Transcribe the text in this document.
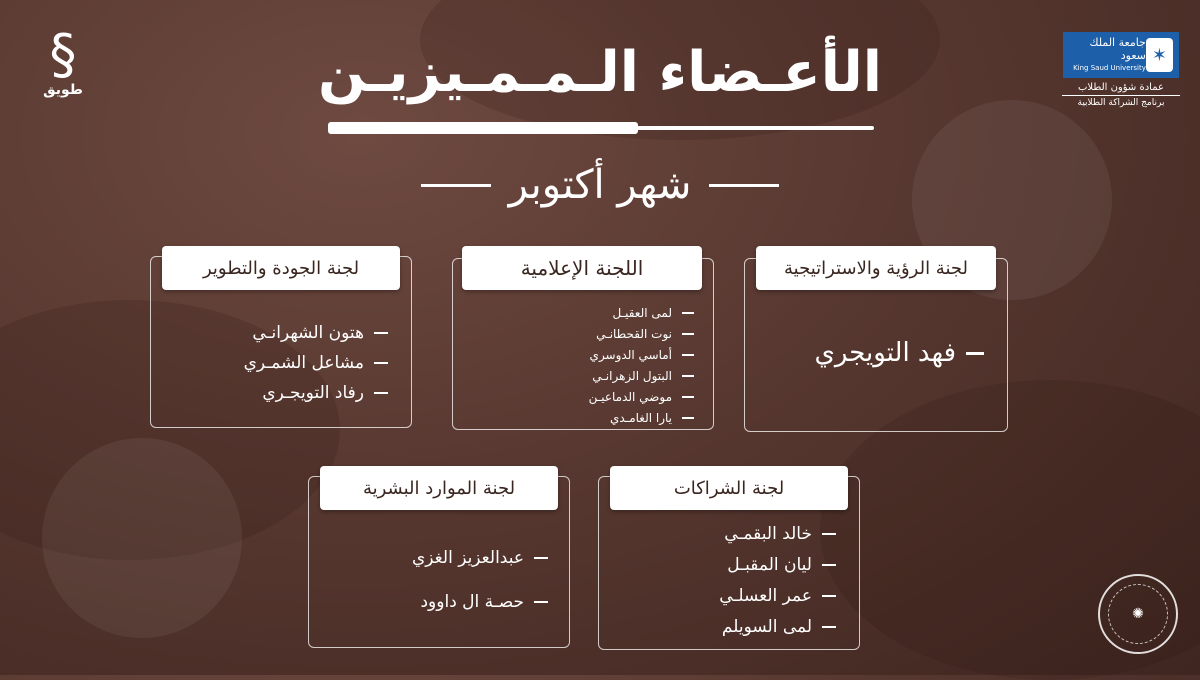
§
طويق
✶
جامعة الملك سعود
King Saud University
عمادة شؤون الطلاب
برنامج الشراكة الطلابية
الأعـضاء الـمـمـيزيـن
شهر أكتوبر
لجنة الرؤية والاستراتيجية
فهد التويجري
اللجنة الإعلامية
لمى العقيـل
نوت القحطانـي
أماسي الدوسري
البتول الزهرانـي
موضي الدماعيـن
يارا الغامـدي
لجنة الجودة والتطوير
هتون الشهرانـي
مشاعل الشمـري
رفاد التويجـري
لجنة الشراكات
خالد البقمـي
ليان المقبـل
عمر العسلـي
لمى السويلم
لجنة الموارد البشرية
عبدالعزيز الغزي
حصـة ال داوود
✺
